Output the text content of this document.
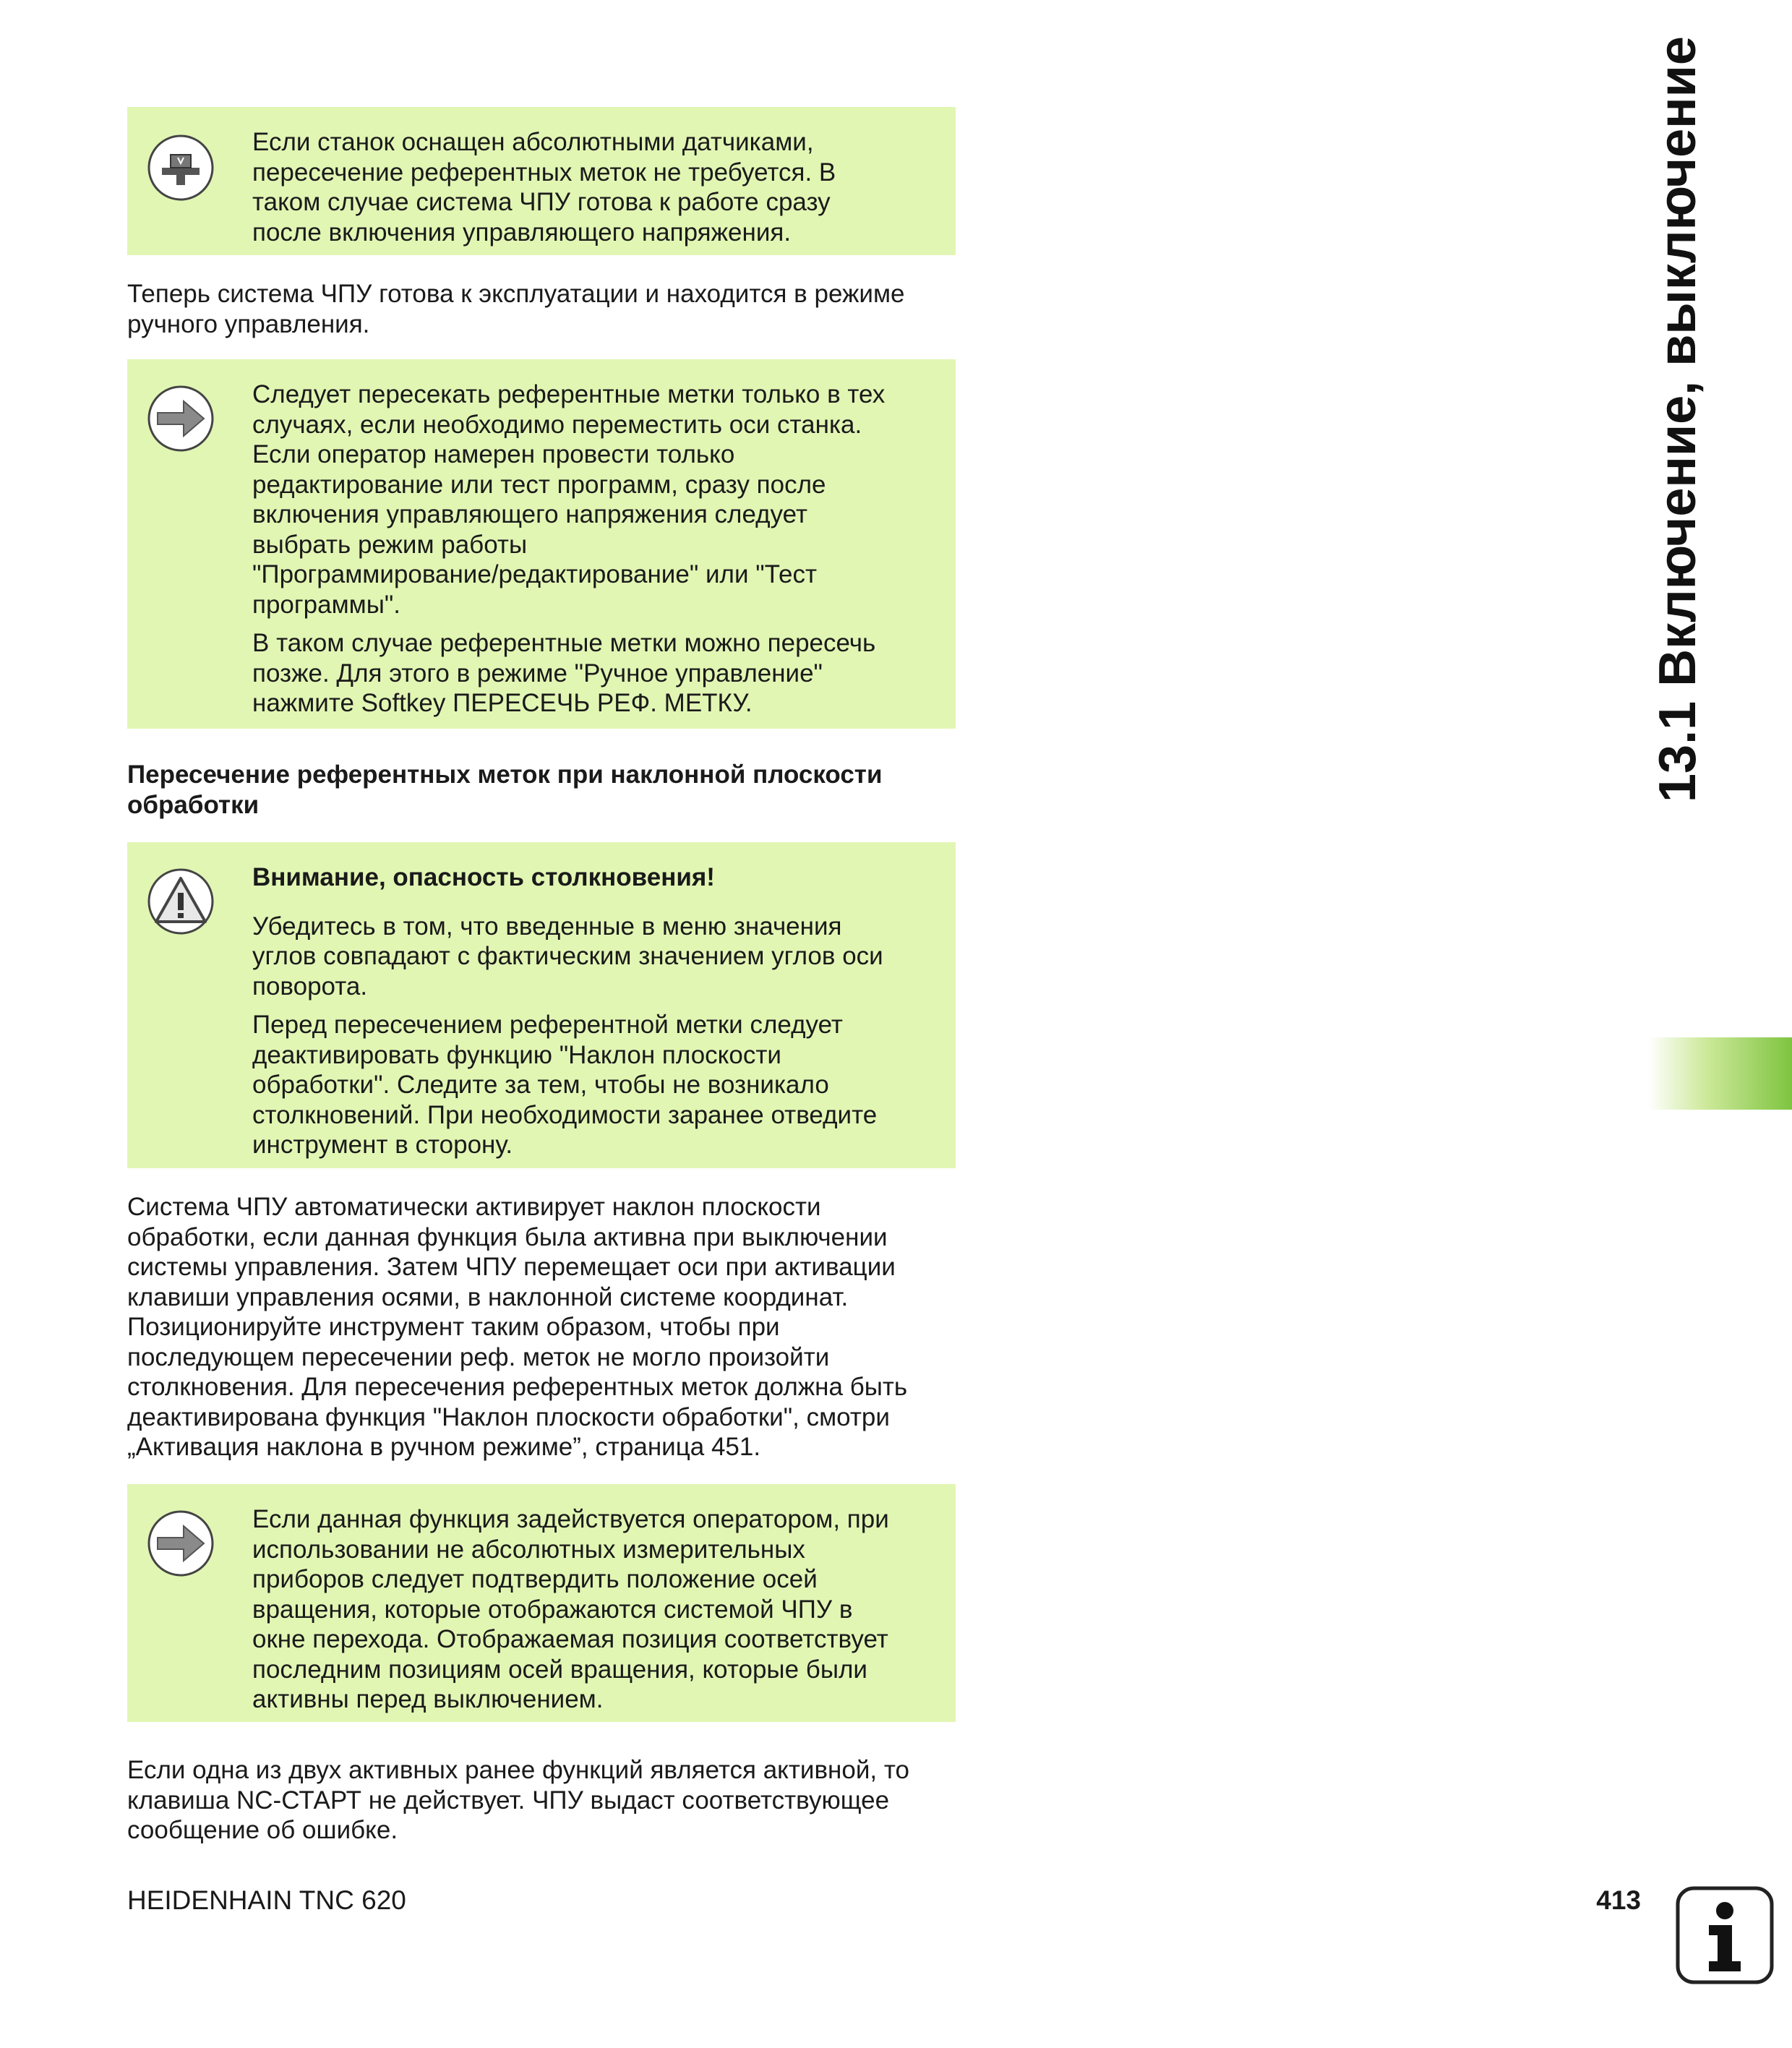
Если станок оснащен абсолютными датчиками,

пересечение референтных меток не требуется. В

таком случае система ЧПУ готова к работе сразу

после включения управляющего напряжения.

Теперь система ЧПУ готова к эксплуатации и находится в режиме
ручного управления.

Следует пересекать референтные метки только в тех

случаях, если необходимо переместить оси станка.

Если оператор намерен провести только

редактирование или тест программ, сразу после

включения управляющего напряжения следует

выбрать режим работы

"Программирование/редактирование" или "Тест

программы".

В таком случае референтные метки можно пересечь

позже. Для этого в режиме "Ручное управление"

нажмите Softkey ПЕРЕСЕЧЬ РЕФ. МЕТКУ.

Пересечение референтных меток при наклонной плоскости
обработки

Внимание, опасность столкновения!

Убедитесь в том, что введенные в меню значения

углов совпадают с фактическим значением углов оси

поворота.

Перед пересечением референтной метки следует

деактивировать функцию "Наклон плоскости

обработки". Следите за тем, чтобы не возникало

столкновений. При необходимости заранее отведите

инструмент в сторону.

Система ЧПУ автоматически активирует наклон плоскости
обработки, если данная функция была активна при выключении
системы управления. Затем ЧПУ перемещает оси при активации
клавиши управления осями, в наклонной системе координат.
Позиционируйте инструмент таким образом, чтобы при
последующем пересечении реф. меток не могло произойти
столкновения. Для пересечения референтных меток должна быть
деактивирована функция "Наклон плоскости обработки", смотри
„Активация наклона в ручном режиме”, страница 451.

Если данная функция задействуется оператором, при

использовании не абсолютных измерительных

приборов следует подтвердить положение осей

вращения, которые отображаются системой ЧПУ в

окне перехода. Отображаемая позиция соответствует

последним позициям осей вращения, которые были

активны перед выключением.

Если одна из двух активных ранее функций является активной, то
клавиша NC-СТАРТ не действует. ЧПУ выдаст соответствующее
сообщение об ошибке.
13.1 Включение, выключение
HEIDENHAIN TNC 620	413
